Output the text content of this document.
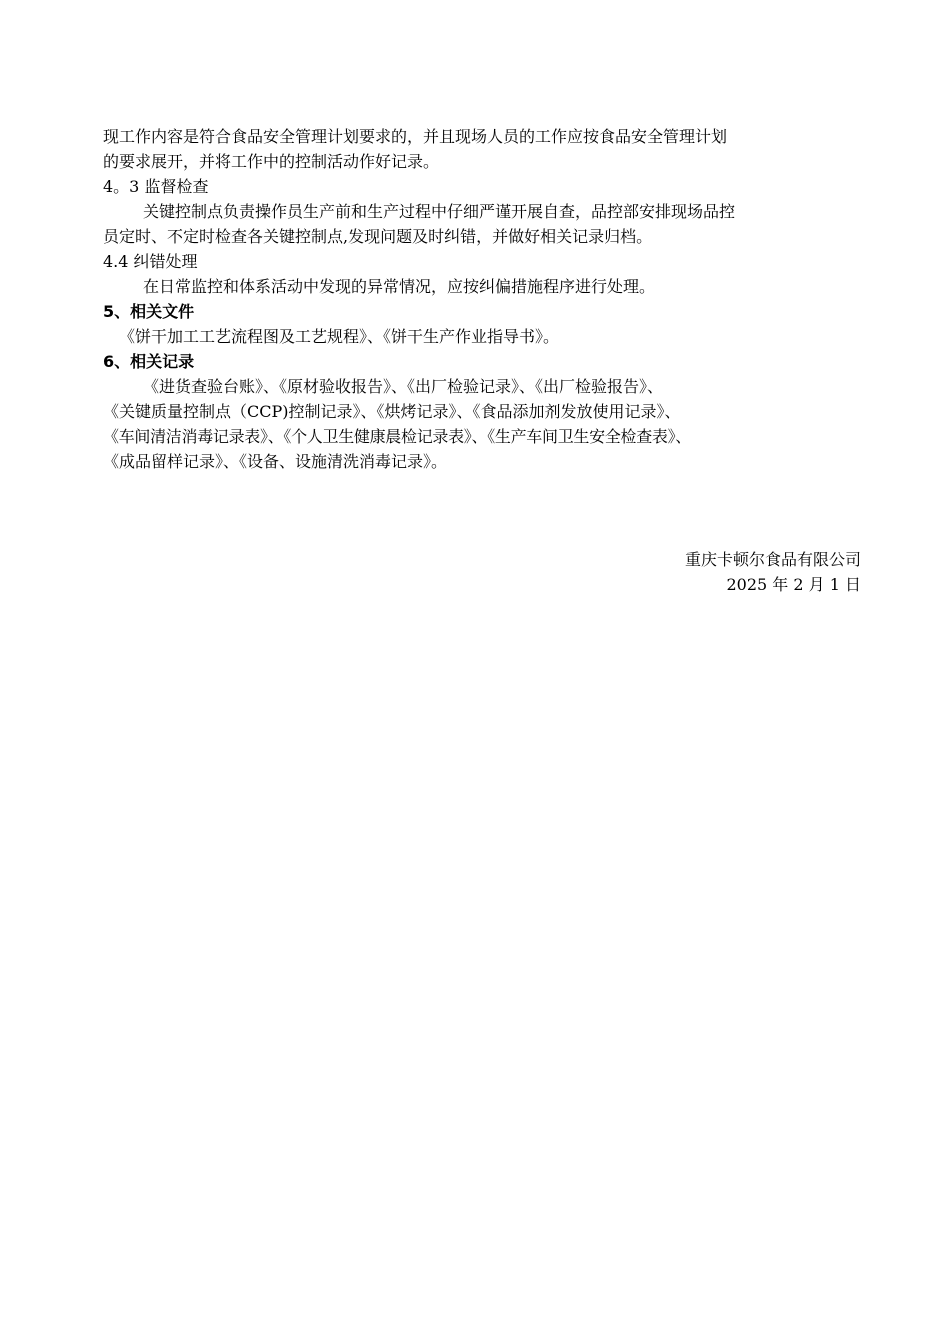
现工作内容是符合食品安全管理计划要求的，并且现场人员的工作应按食品安全管理计划
的要求展开，并将工作中的控制活动作好记录。
4。3 监督检查
关键控制点负责操作员生产前和生产过程中仔细严谨开展自查，品控部安排现场品控
员定时、不定时检查各关键控制点,发现问题及时纠错，并做好相关记录归档。
4.4 纠错处理
在日常监控和体系活动中发现的异常情况，应按纠偏措施程序进行处理。
5、相关文件
《饼干加工工艺流程图及工艺规程》、《饼干生产作业指导书》。
6、相关记录
《进货查验台账》、《原材验收报告》、《出厂检验记录》、《出厂检验报告》、
《关键质量控制点（CCP)控制记录》、《烘烤记录》、《食品添加剂发放使用记录》、
《车间清洁消毒记录表》、《个人卫生健康晨检记录表》、《生产车间卫生安全检查表》、
《成品留样记录》、《设备、设施清洗消毒记录》。
重庆卡顿尔食品有限公司
2025 年 2 月 1 日
